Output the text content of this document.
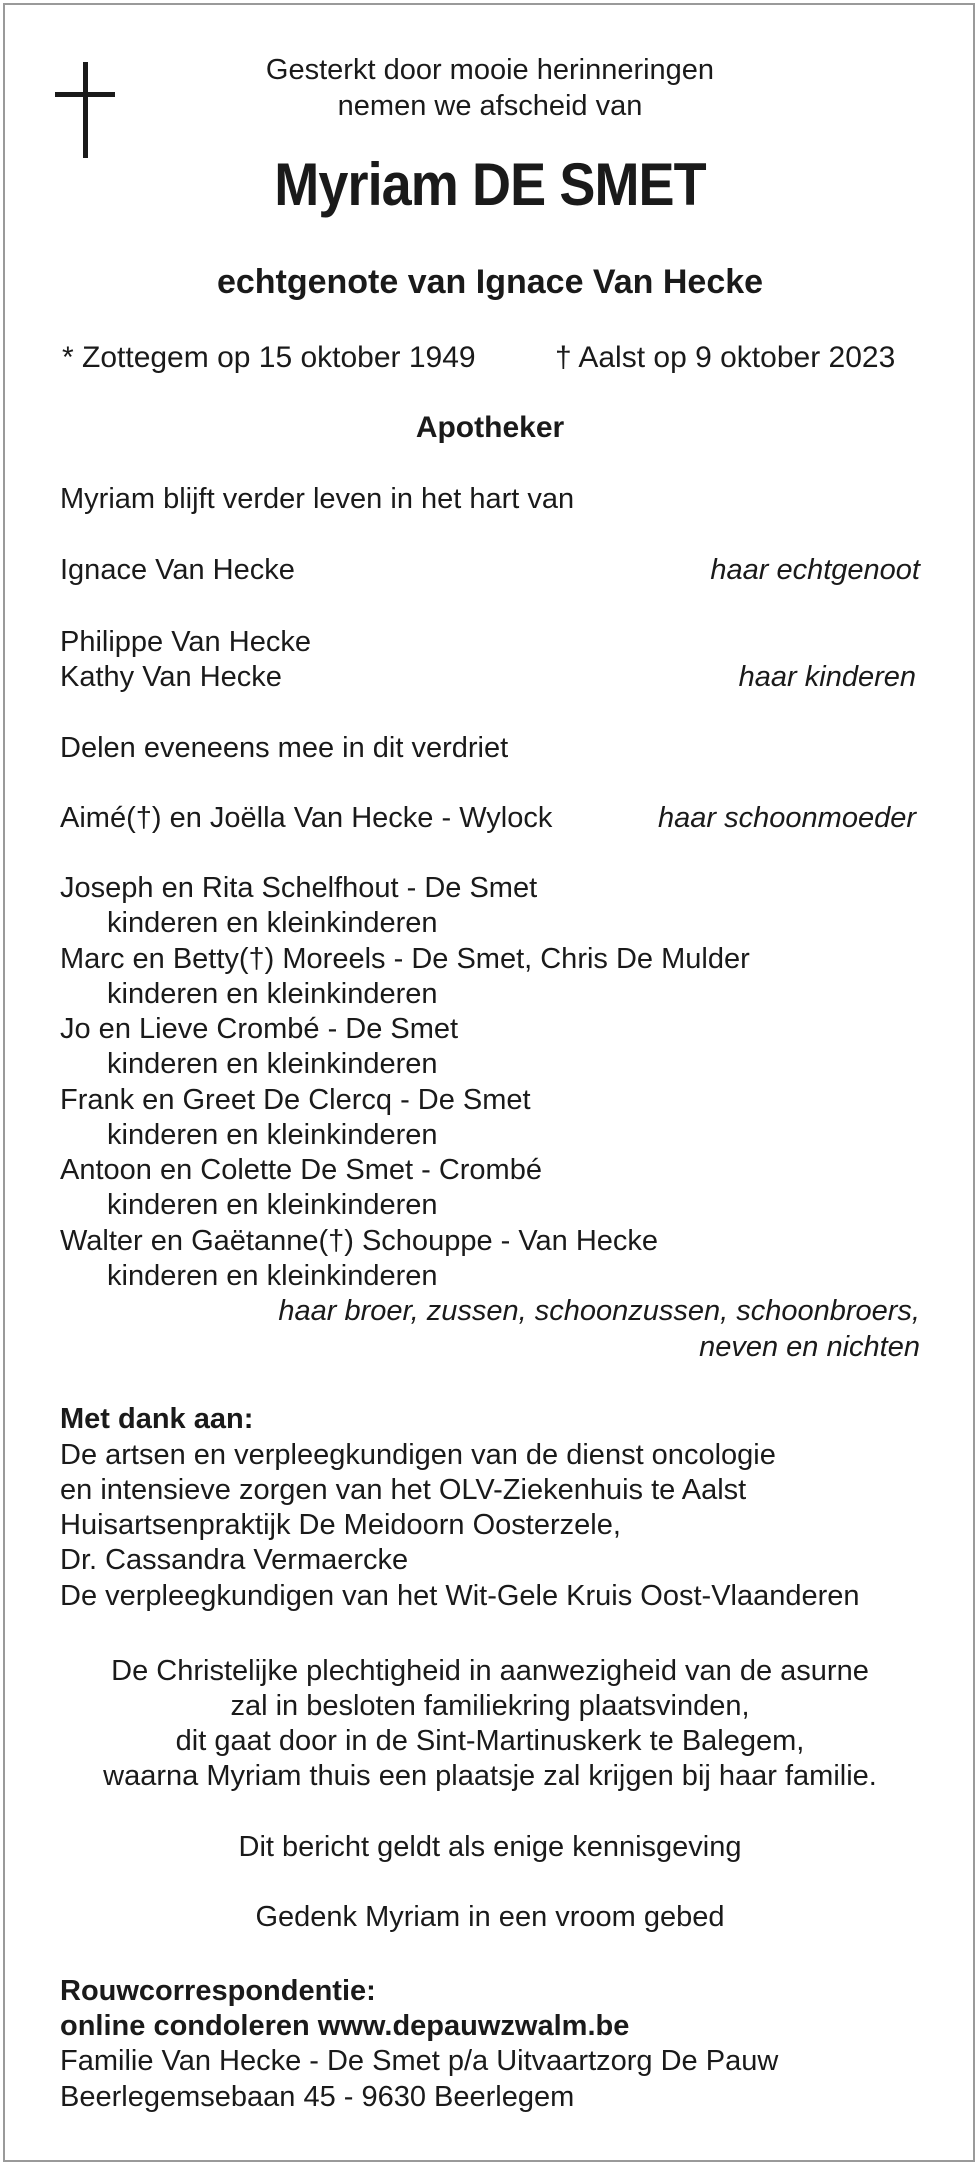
Gesterkt door mooie herinneringen
nemen we afscheid van
Myriam DE SMET
echtgenote van Ignace Van Hecke
* Zottegem op 15 oktober 1949	† Aalst op 9 oktober 2023
Apotheker
Myriam blijft verder leven in het hart van
Ignace Van Hecke	haar echtgenoot
Philippe Van Hecke
Kathy Van Hecke	haar kinderen
Delen eveneens mee in dit verdriet
Aimé(†) en Joëlla Van Hecke - Wylock	haar schoonmoeder
Joseph en Rita Schelfhout - De Smet
kinderen en kleinkinderen
Marc en Betty(†) Moreels - De Smet, Chris De Mulder
kinderen en kleinkinderen
Jo en Lieve Crombé - De Smet
kinderen en kleinkinderen
Frank en Greet De Clercq - De Smet
kinderen en kleinkinderen
Antoon en Colette De Smet - Crombé
kinderen en kleinkinderen
Walter en Gaëtanne(†) Schouppe - Van Hecke
kinderen en kleinkinderen
haar broer, zussen, schoonzussen, schoonbroers,
neven en nichten
Met dank aan:
De artsen en verpleegkundigen van de dienst oncologie
en intensieve zorgen van het OLV-Ziekenhuis te Aalst
Huisartsenpraktijk De Meidoorn Oosterzele,
Dr. Cassandra Vermaercke
De verpleegkundigen van het Wit-Gele Kruis Oost-Vlaanderen
De Christelijke plechtigheid in aanwezigheid van de asurne
zal in besloten familiekring plaatsvinden,
dit gaat door in de Sint-Martinuskerk te Balegem,
waarna Myriam thuis een plaatsje zal krijgen bij haar familie.
Dit bericht geldt als enige kennisgeving
Gedenk Myriam in een vroom gebed
Rouwcorrespondentie:
online condoleren www.depauwzwalm.be
Familie Van Hecke - De Smet p/a Uitvaartzorg De Pauw
Beerlegemsebaan 45 - 9630 Beerlegem
